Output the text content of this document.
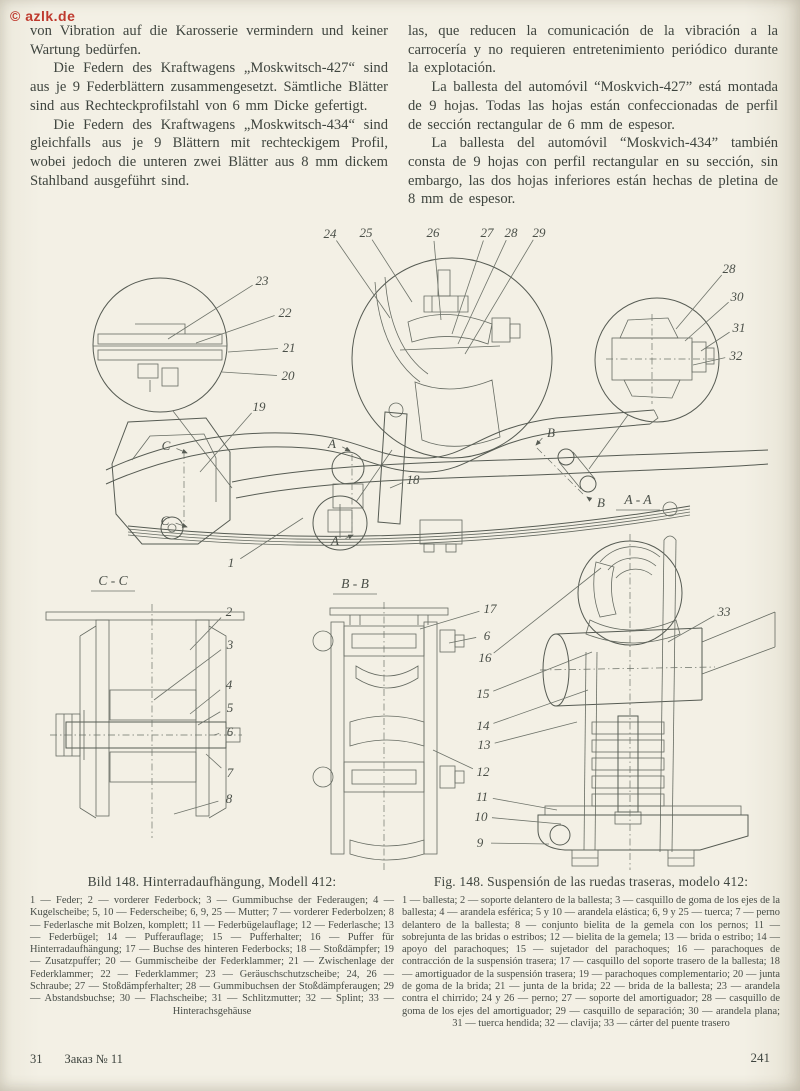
© azlk.de

von Vibration auf die Karosserie vermindern und keiner Wartung bedürfen.

Die Federn des Kraftwagens „Moskwitsch-427“ sind aus je 9 Federblättern zusammengesetzt. Sämtliche Blätter sind aus Rechteckprofilstahl von 6 mm Dicke gefertigt.

Die Federn des Kraftwagens „Moskwitsch-434“ sind gleichfalls aus je 9 Blättern mit rechteckigem Profil, wobei jedoch die unteren zwei Blätter aus 8 mm dickem Stahlband ausgeführt sind.

las, que reducen la comunicación de la vibración a la carrocería y no requieren entretenimiento periódico durante la explotación.

La ballesta del automóvil “Moskvich-427” está montada de 9 hojas. Todas las hojas están confeccionadas de perfil de sección rectangular de 6 mm de espesor.

La ballesta del automóvil “Moskvich-434” también consta de 9 hojas con perfil rectangular en su sección, sin embargo, las dos hojas inferiores están hechas de pletina de 8 mm de espesor.

23
22
21
20
19
24 25	26	27 28 29
28
30
31
32
18
1
C
C
A
A
B
B
2
3
4
5
6
7
8
17
6
16
15
14
13
12
11
10
9
33
C - C	B - B
A - A

Bild 148. Hinterradaufhängung, Modell 412:

1 — Feder; 2 — vorderer Federbock; 3 — Gummibuchse der Federaugen; 4 — Kugelscheibe; 5, 10 — Federscheibe; 6, 9, 25 — Mutter; 7 — vorderer Federbolzen; 8 — Federlasche mit Bolzen, komplett; 11 — Federbügelauflage; 12 — Federlasche; 13 — Federbügel; 14 — Pufferauflage; 15 — Pufferhalter; 16 — Puffer für Hinterradaufhängung; 17 — Buchse des hinteren Federbocks; 18 — Stoßdämpfer; 19 — Zusatzpuffer; 20 — Gummischeibe der Federklammer; 21 — Zwischenlage der Federklammer; 22 — Federklammer; 23 — Geräuschschutzscheibe; 24, 26 — Schraube; 27 — Stoßdämpferhalter; 28 — Gummibuchsen der Stoßdämpferaugen; 29 — Abstandsbuchse; 30 — Flachscheibe; 31 — Schlitzmutter; 32 — Splint; 33 — Hinterachsgehäuse

Fig. 148. Suspensión de las ruedas traseras, modelo 412:

1 — ballesta; 2 — soporte delantero de la ballesta; 3 — casquillo de goma de los ejes de la ballesta; 4 — arandela esférica; 5 y 10 — arandela elástica; 6, 9 y 25 — tuerca; 7 — perno delantero de la ballesta; 8 — conjunto bielita de la gemela con los pernos; 11 — sobrejunta de las bridas o estribos; 12 — bielita de la gemela; 13 — brida o estribo; 14 — apoyo del parachoques; 15 — sujetador del parachoques; 16 — parachoques de contracción de la suspensión trasera; 17 — casquillo del soporte trasero de la ballesta; 18 — amortiguador de la suspensión trasera; 19 — parachoques complementario; 20 — junta de goma de la brida; 21 — junta de la brida; 22 — brida de la ballesta; 23 — arandela contra el chirrido; 24 y 26 — perno; 27 — soporte del amortiguador; 28 — casquillo de goma de los ejes del amortiguador; 29 — casquillo de separación; 30 — arandela plana; 31 — tuerca hendida; 32 — clavija; 33 — cárter del puente trasero

31 Заказ № 11	241
